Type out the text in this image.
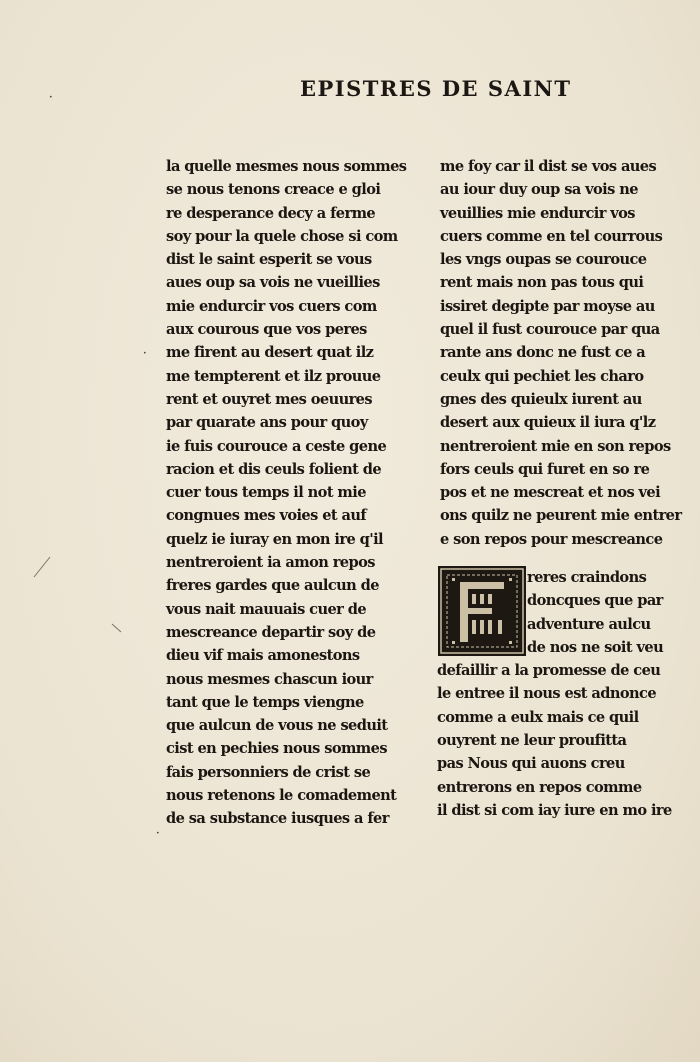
EPISTRES DE SAINT
la quelle mesmes nous sommes
se nous tenons creace e gloi
re desperance decy a ferme
soy pour la quele chose si com
dist le saint esperit se vous
aues oup sa vois ne vueillies
mie endurcir vos cuers com
aux courous que vos peres
me firent au desert quat ilz
me tempterent et ilz prouue
rent et ouyret mes oeuures
par quarate ans pour quoy
ie fuis courouce a ceste gene
racion et dis ceuls folient de
cuer tous temps il not mie
congnues mes voies et auf
quelz ie iuray en mon ire q'il
nentreroient ia amon repos
freres gardes que aulcun de
vous nait mauuais cuer de
mescreance departir soy de
dieu vif mais amonestons
nous mesmes chascun iour
tant que le temps viengne
que aulcun de vous ne seduit
cist en pechies nous sommes
fais personniers de crist se
nous retenons le comadement
de sa substance iusques a fer
me foy car il dist se vos aues
au iour duy oup sa vois ne
veuillies mie endurcir vos
cuers comme en tel courrous
les vngs oupas se courouce
rent mais non pas tous qui
issiret degipte par moyse au
quel il fust courouce par qua
rante ans donc ne fust ce a
ceulx qui pechiet les charo
gnes des quieulx iurent au
desert aux quieux il iura q'lz
nentreroient mie en son repos
fors ceuls qui furet en so re
pos et ne mescreat et nos vei
ons quilz ne peurent mie entrer
e son repos pour mescreance
reres craindons
doncques que par
adventure aulcu
de nos ne soit veu
defaillir a la promesse de ceu
le entree il nous est adnonce
comme a eulx mais ce quil
ouyrent ne leur proufitta
pas Nous qui auons creu
entrerons en repos comme
il dist si com iay iure en mo ire
•
•
•
